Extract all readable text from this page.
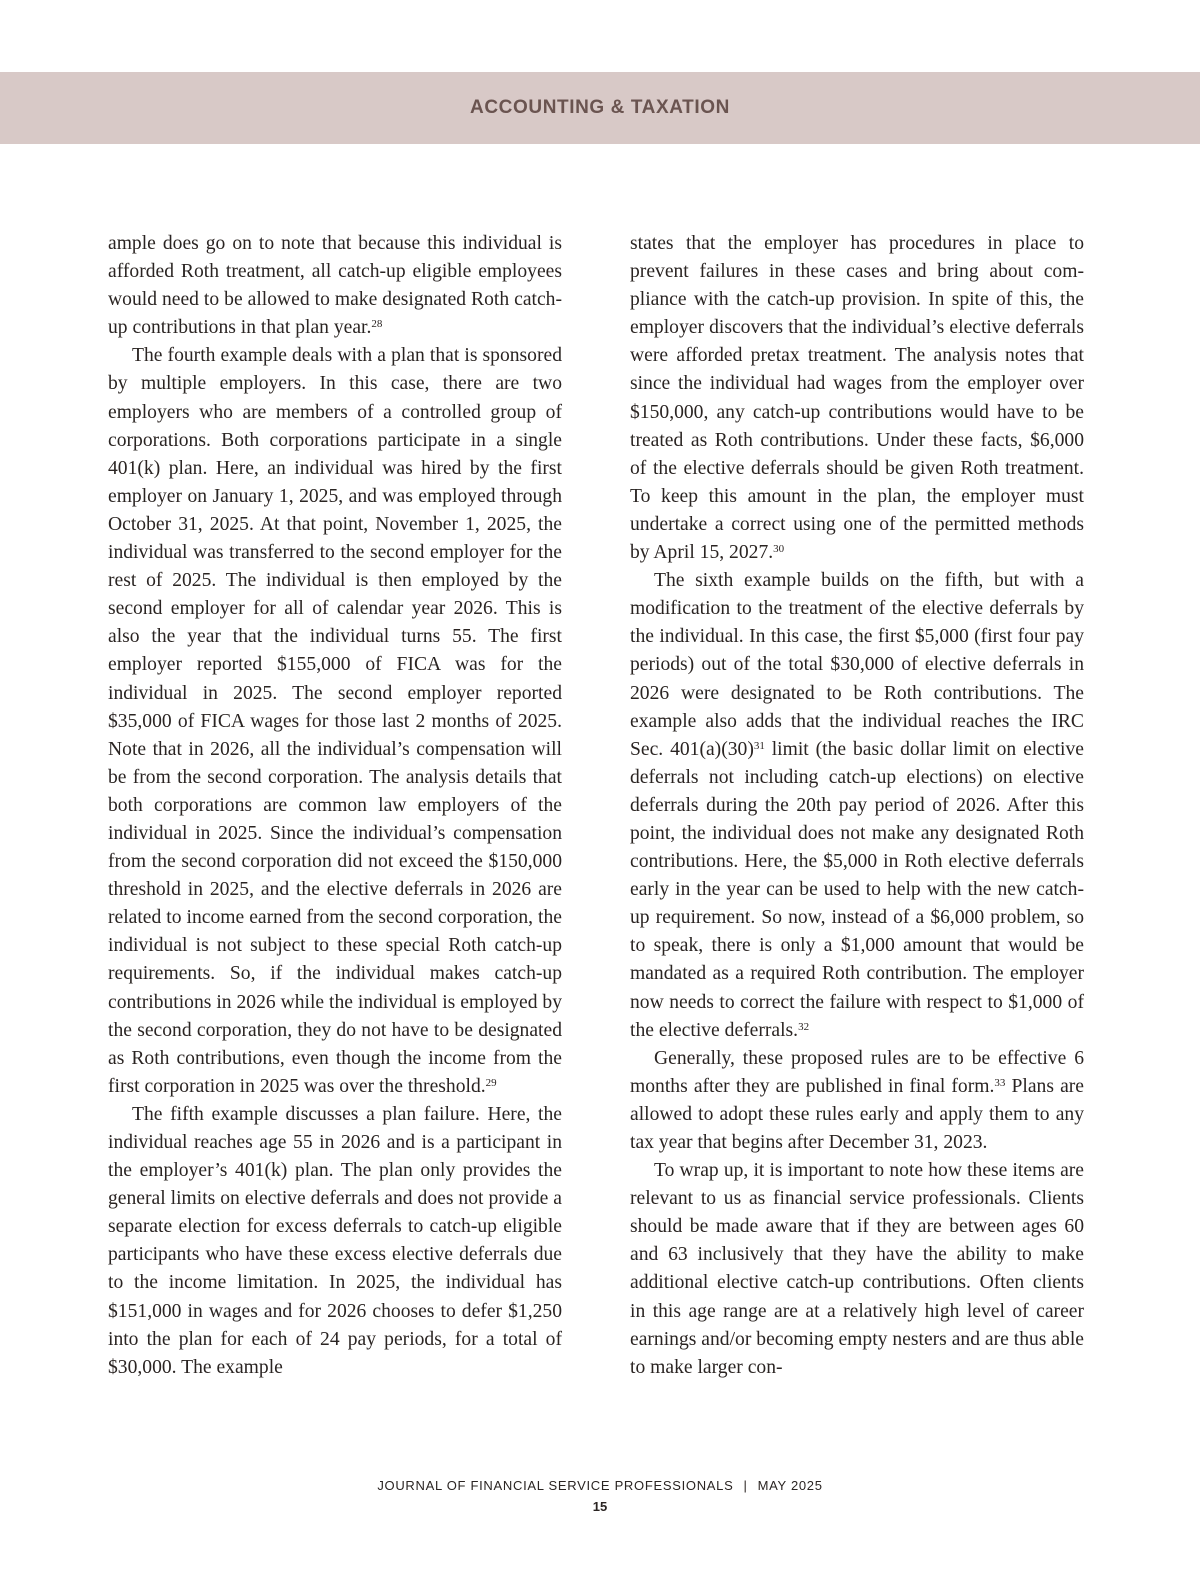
ACCOUNTING & TAXATION

ample does go on to note that because this individual is afforded Roth treatment, all catch-up eligible employees would need to be allowed to make designated Roth catch-up contributions in that plan year.$^{28}$

The fourth example deals with a plan that is sponsored by multiple employers. In this case, there are two employers who are members of a controlled group of corporations. Both corporations participate in a single 401(k) plan. Here, an individual was hired by the first employer on January 1, 2025, and was employed through October 31, 2025. At that point, November 1, 2025, the individual was transferred to the second employer for the rest of 2025. The individual is then employed by the second employer for all of calendar year 2026. This is also the year that the individual turns 55. The first employer reported $155,000 of FICA was for the individual in 2025. The second employer reported $35,000 of FICA wages for those last 2 months of 2025. Note that in 2026, all the individual’s compensation will be from the second corporation. The analysis details that both corporations are common law employers of the individual in 2025. Since the individual’s compensation from the second corporation did not exceed the $150,000 threshold in 2025, and the elective deferrals in 2026 are related to income earned from the second corporation, the individual is not subject to these special Roth catch-up requirements. So, if the individual makes catch-up contributions in 2026 while the individual is employed by the second corporation, they do not have to be designated as Roth contributions, even though the income from the first corporation in 2025 was over the threshold.$^{29}$

The fifth example discusses a plan failure. Here, the individual reaches age 55 in 2026 and is a participant in the employer’s 401(k) plan. The plan only provides the general limits on elective deferrals and does not provide a separate election for excess deferrals to catch-up eligible participants who have these excess elective deferrals due to the income limitation. In 2025, the individual has $151,000 in wages and for 2026 chooses to defer $1,250 into the plan for each of 24 pay periods, for a total of $30,000. The example

states that the employer has procedures in place to prevent failures in these cases and bring about compliance with the catch-up provision. In spite of this, the employer discovers that the individual’s elective deferrals were afforded pretax treatment. The analysis notes that since the individual had wages from the employer over $150,000, any catch-up contributions would have to be treated as Roth contributions. Under these facts, $6,000 of the elective deferrals should be given Roth treatment. To keep this amount in the plan, the employer must undertake a correct using one of the permitted methods by April 15, 2027.30

The sixth example builds on the fifth, but with a modification to the treatment of the elective deferrals by the individual. In this case, the first $5,000 (first four pay periods) out of the total $30,000 of elective deferrals in 2026 were designated to be Roth contributions. The example also adds that the individual reaches the IRC Sec. $401(a)(30)^{31}$ limit (the basic dollar limit on elective deferrals not including catch-up elections) on elective deferrals during the 20th pay period of 2026. After this point, the individual does not make any designated Roth contributions. Here, the $5,000 in Roth elective deferrals early in the year can be used to help with the new catch-up requirement. So now, instead of a $6,000 problem, so to speak, there is only a $1,000 amount that would be mandated as a required Roth contribution. The employer now needs to correct the failure with respect to $1,000 of the elective deferrals.$^{32}$

Generally, these proposed rules are to be effective 6 months after they are published in final form.$^{33}$ Plans are allowed to adopt these rules early and apply them to any tax year that begins after December 31, 2023.

To wrap up, it is important to note how these items are relevant to us as financial service professionals. Clients should be made aware that if they are between ages 60 and 63 inclusively that they have the ability to make additional elective catch-up contributions. Often clients in this age range are at a relatively high level of career earnings and/or becoming empty nesters and are thus able to make larger con-

JOURNAL OF FINANCIAL SERVICE PROFESSIONALS | MAY 2025
15
